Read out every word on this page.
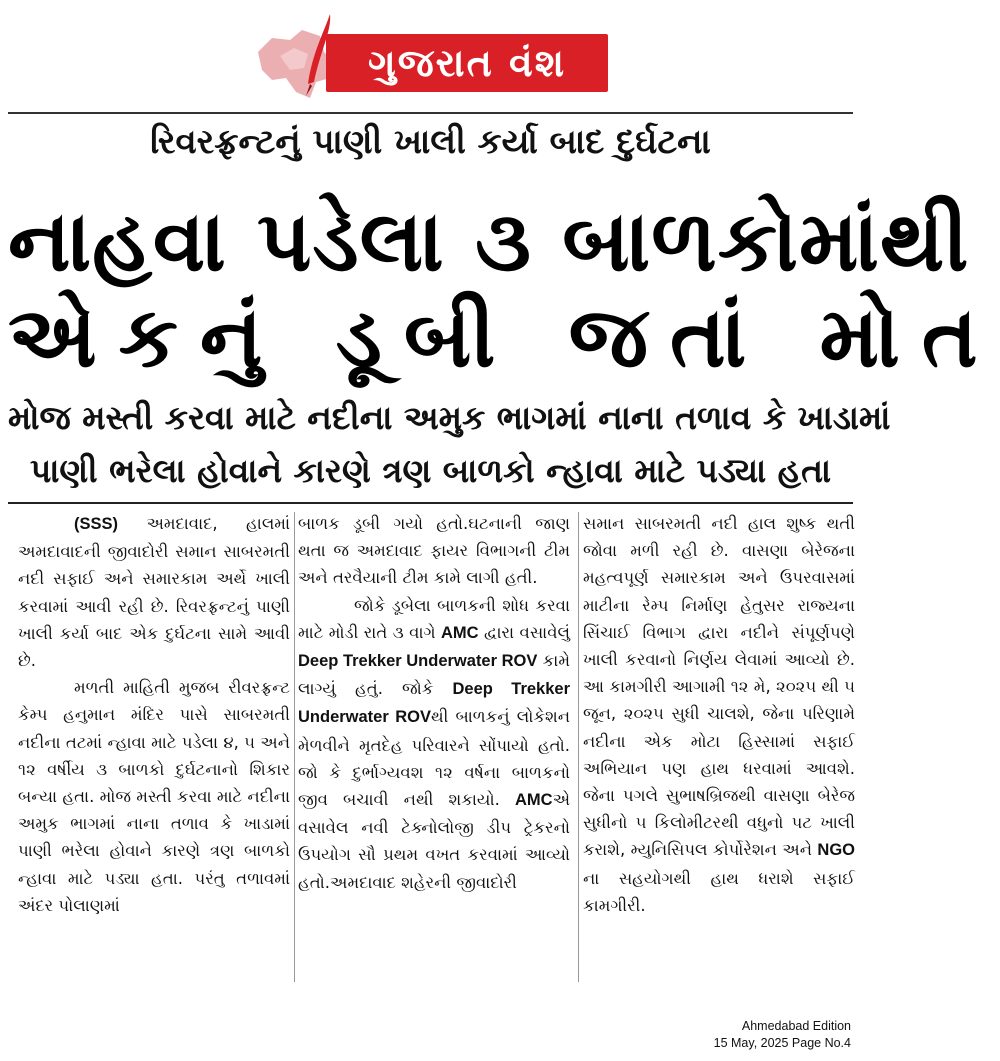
ગુજરાત વંશ
રિવરફ્રન્ટનું પાણી ખાલી કર્યા બાદ દુર્ઘટના
નાહવા પડેલા ૩ બાળકોમાંથી
એકનું ડૂબી જતાં મોત
મોજ મસ્તી કરવા માટે નદીના અમુક ભાગમાં નાના તળાવ કે ખાડામાં
પાણી ભરેલા હોવાને કારણે ત્રણ બાળકો ન્હાવા માટે પડ્યા હતા

(SSS) અમદાવાદ, હાલમાં અમદાવાદની જીવાદોરી સમાન સાબરમતી નદી સફાઈ અને સમારકામ અર્થે ખાલી કરવામાં આવી રહી છે. રિવરફ્રન્ટનું પાણી ખાલી કર્યા બાદ એક દુર્ઘટના સામે આવી છે.

મળતી માહિતી મુજબ રીવરફ્રન્ટ કેમ્પ હનુમાન મંદિર પાસે સાબરમતી નદીના તટમાં ન્હાવા માટે પડેલા ૪, ૫ અને ૧૨ વર્ષીય ૩ બાળકો દુર્ઘટનાનો શિકાર બન્યા હતા. મોજ મસ્તી કરવા માટે નદીના અમુક ભાગમાં નાના તળાવ કે ખાડામાં પાણી ભરેલા હોવાને કારણે ત્રણ બાળકો ન્હાવા માટે પડ્યા હતા. પરંતુ તળાવમાં અંદર પોલાણમાં

બાળક ડૂબી ગયો હતો.ઘટનાની જાણ થતા જ અમદાવાદ ફાયર વિભાગની ટીમ અને તરવૈયાની ટીમ કામે લાગી હતી.

જોકે ડૂબેલા બાળકની શોધ કરવા માટે મોડી રાતે ૩ વાગે AMC દ્વારા વસાવેલું Deep Trekker Underwater ROV કામે લાગ્યું હતું. જોકે Deep Trekker Underwater ROVથી બાળકનું લોકેશન મેળવીને મૃતદેહ પરિવારને સોંપાયો હતો. જો કે દુર્ભાગ્યવશ ૧૨ વર્ષના બાળકનો જીવ બચાવી નથી શકાયો. AMCએ વસાવેલ નવી ટેક્નોલોજી ડીપ ટ્રેકરનો ઉપયોગ સૌ પ્રથમ વખત કરવામાં આવ્યો હતો.અમદાવાદ શહેરની જીવાદોરી

સમાન સાબરમતી નદી હાલ શુષ્ક થતી જોવા મળી રહી છે. વાસણા બેરેજના મહત્વપૂર્ણ સમારકામ અને ઉપરવાસમાં માટીના રેમ્પ નિર્માણ હેતુસર રાજ્યના સિંચાઈ વિભાગ દ્વારા નદીને સંપૂર્ણપણે ખાલી કરવાનો નિર્ણય લેવામાં આવ્યો છે. આ કામગીરી આગામી ૧૨ મે, ૨૦૨૫ થી ૫ જૂન, ૨૦૨૫ સુધી ચાલશે, જેના પરિણામે નદીના એક મોટા હિસ્સામાં સફાઈ અભિયાન પણ હાથ ધરવામાં આવશે. જેના પગલે સુભાષબ્રિજથી વાસણા બેરેજ સુધીનો ૫ કિલોમીટરથી વધુનો પટ ખાલી કરાશે, મ્યુનિસિપલ કોર્પોરેશન અને NGO ના સહયોગથી હાથ ધરાશે સફાઈ કામગીરી.

Ahmedabad Edition
15 May, 2025 Page No.4
